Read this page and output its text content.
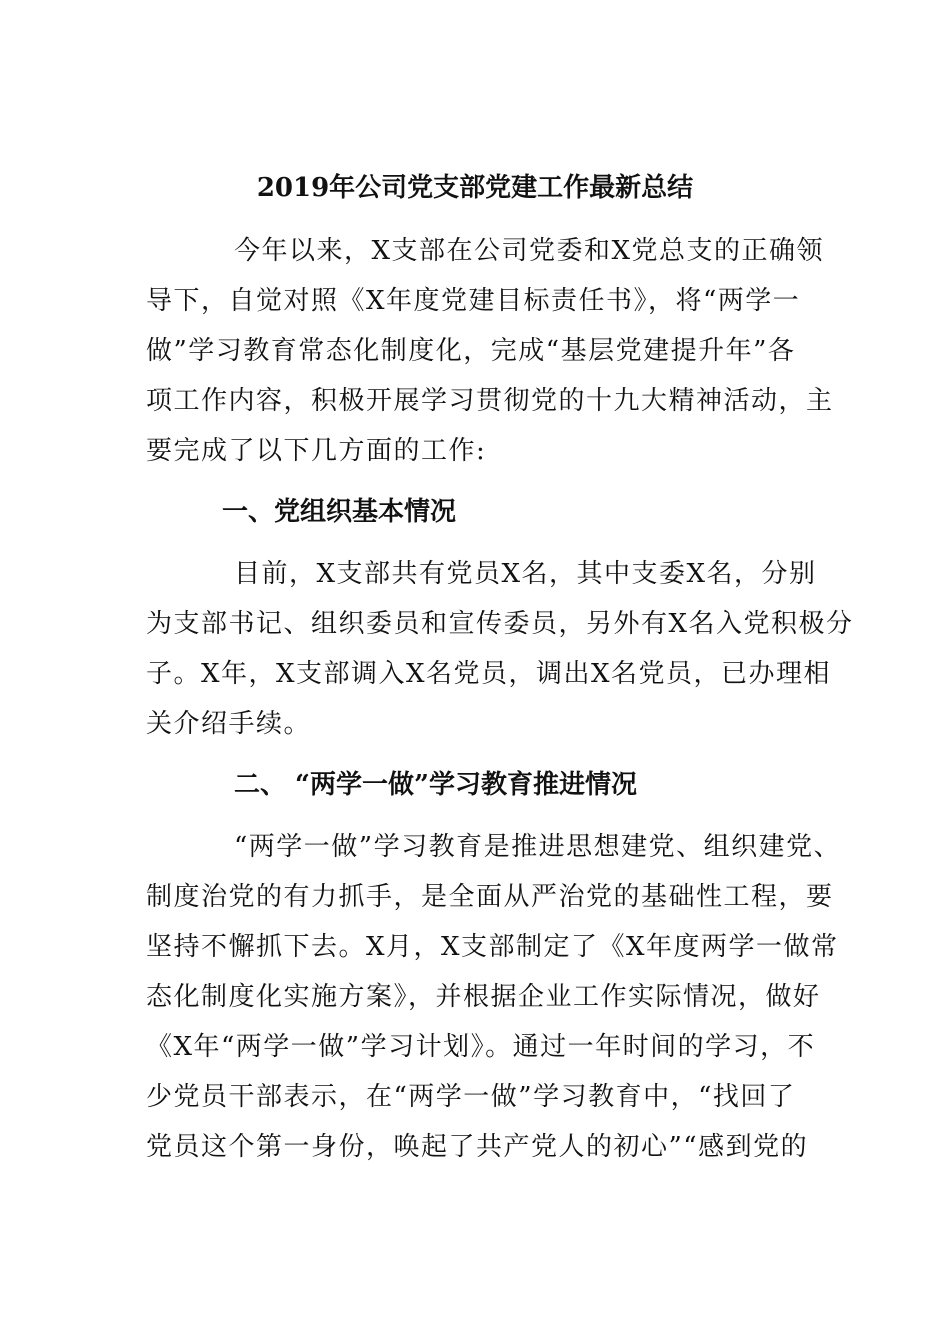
2019年公司党支部党建工作最新总结
今年以来，X支部在公司党委和X党总支的正确领
导下，自觉对照《X年度党建目标责任书》，将“两学一
做”学习教育常态化制度化，完成“基层党建提升年”各
项工作内容，积极开展学习贯彻党的十九大精神活动，主
要完成了以下几方面的工作:
一、党组织基本情况
目前，X支部共有党员X名，其中支委X名，分别
为支部书记、组织委员和宣传委员，另外有X名入党积极分
子。X年，X支部调入X名党员，调出X名党员，已办理相
关介绍手续。
二、 “两学一做”学习教育推进情况
“两学一做”学习教育是推进思想建党、组织建党、
制度治党的有力抓手，是全面从严治党的基础性工程，要
坚持不懈抓下去。X月，X支部制定了《X年度两学一做常
态化制度化实施方案》，并根据企业工作实际情况，做好
《X年“两学一做”学习计划》。通过一年时间的学习，不
少党员干部表示，在“两学一做”学习教育中，“找回了
党员这个第一身份，唤起了共产党人的初心”“感到党的
